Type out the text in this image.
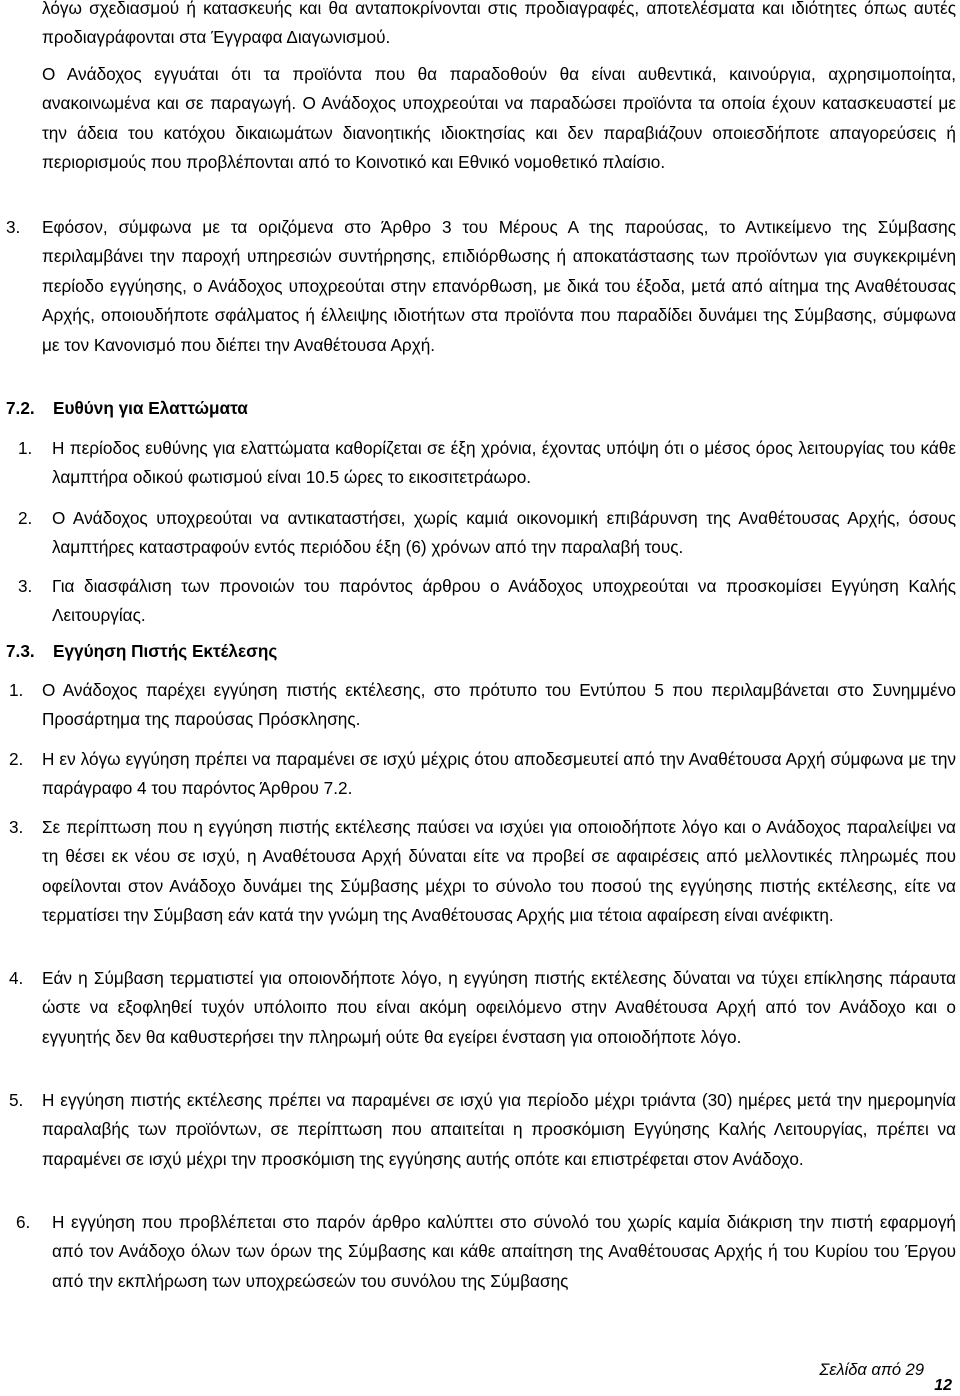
λόγω σχεδιασμού ή κατασκευής και θα ανταποκρίνονται στις προδιαγραφές, αποτελέσματα και ιδιότητες όπως αυτές προδιαγράφονται στα Έγγραφα Διαγωνισμού.

Ο Ανάδοχος εγγυάται ότι τα προϊόντα που θα παραδοθούν θα είναι αυθεντικά, καινούργια, αχρησιμοποίητα, ανακοινωμένα και σε παραγωγή. Ο Ανάδοχος υποχρεούται να παραδώσει προϊόντα τα οποία έχουν κατασκευαστεί με την άδεια του κατόχου δικαιωμάτων διανοητικής ιδιοκτησίας και δεν παραβιάζουν οποιεσδήποτε απαγορεύσεις ή περιορισμούς που προβλέπονται από το Κοινοτικό και Εθνικό νομοθετικό πλαίσιο.

3. Εφόσον, σύμφωνα με τα οριζόμενα στο Άρθρο 3 του Μέρους Α της παρούσας, το Αντικείμενο της Σύμβασης περιλαμβάνει την παροχή υπηρεσιών συντήρησης, επιδιόρθωσης ή αποκατάστασης των προϊόντων για συγκεκριμένη περίοδο εγγύησης, ο Ανάδοχος υποχρεούται στην επανόρθωση, με δικά του έξοδα, μετά από αίτημα της Αναθέτουσας Αρχής, οποιουδήποτε σφάλματος ή έλλειψης ιδιοτήτων στα προϊόντα που παραδίδει δυνάμει της Σύμβασης, σύμφωνα με τον Κανονισμό που διέπει την Αναθέτουσα Αρχή.

7.2. Ευθύνη για Ελαττώματα
1. Η περίοδος ευθύνης για ελαττώματα καθορίζεται σε έξη χρόνια, έχοντας υπόψη ότι ο μέσος όρος λειτουργίας του κάθε λαμπτήρα οδικού φωτισμού είναι 10.5 ώρες το εικοσιτετράωρο.

2. Ο Ανάδοχος υποχρεούται να αντικαταστήσει, χωρίς καμιά οικονομική επιβάρυνση της Αναθέτουσας Αρχής, όσους λαμπτήρες καταστραφούν εντός περιόδου έξη (6) χρόνων από την παραλαβή τους.

3. Για διασφάλιση των προνοιών του παρόντος άρθρου ο Ανάδοχος υποχρεούται να προσκομίσει Εγγύηση Καλής Λειτουργίας.

7.3. Εγγύηση Πιστής Εκτέλεσης
1. Ο Ανάδοχος παρέχει εγγύηση πιστής εκτέλεσης, στο πρότυπο του Εντύπου 5 που περιλαμβάνεται στο Συνημμένο Προσάρτημα της παρούσας Πρόσκλησης.

2. Η εν λόγω εγγύηση πρέπει να παραμένει σε ισχύ μέχρις ότου αποδεσμευτεί από την Αναθέτουσα Αρχή σύμφωνα με την παράγραφο 4 του παρόντος Άρθρου 7.2.

3. Σε περίπτωση που η εγγύηση πιστής εκτέλεσης παύσει να ισχύει για οποιοδήποτε λόγο και ο Ανάδοχος παραλείψει να τη θέσει εκ νέου σε ισχύ, η Αναθέτουσα Αρχή δύναται είτε να προβεί σε αφαιρέσεις από μελλοντικές πληρωμές που οφείλονται στον Ανάδοχο δυνάμει της Σύμβασης μέχρι το σύνολο του ποσού της εγγύησης πιστής εκτέλεσης, είτε να τερματίσει την Σύμβαση εάν κατά την γνώμη της Αναθέτουσας Αρχής μια τέτοια αφαίρεση είναι ανέφικτη.

4. Εάν η Σύμβαση τερματιστεί για οποιονδήποτε λόγο, η εγγύηση πιστής εκτέλεσης δύναται να τύχει επίκλησης πάραυτα ώστε να εξοφληθεί τυχόν υπόλοιπο που είναι ακόμη οφειλόμενο στην Αναθέτουσα Αρχή από τον Ανάδοχο και ο εγγυητής δεν θα καθυστερήσει την πληρωμή ούτε θα εγείρει ένσταση για οποιοδήποτε λόγο.

5. Η εγγύηση πιστής εκτέλεσης πρέπει να παραμένει σε ισχύ για περίοδο μέχρι τριάντα (30) ημέρες μετά την ημερομηνία παραλαβής των προϊόντων, σε περίπτωση που απαιτείται η προσκόμιση Εγγύησης Καλής Λειτουργίας, πρέπει να παραμένει σε ισχύ μέχρι την προσκόμιση της εγγύησης αυτής οπότε και επιστρέφεται στον Ανάδοχο.

6. Η εγγύηση που προβλέπεται στο παρόν άρθρο καλύπτει στο σύνολό του χωρίς καμία διάκριση την πιστή εφαρμογή από τον Ανάδοχο όλων των όρων της Σύμβασης και κάθε απαίτηση της Αναθέτουσας Αρχής ή του Κυρίου του Έργου από την εκπλήρωση των υποχρεώσεών του συνόλου της Σύμβασης

Σελίδα από 29
12
